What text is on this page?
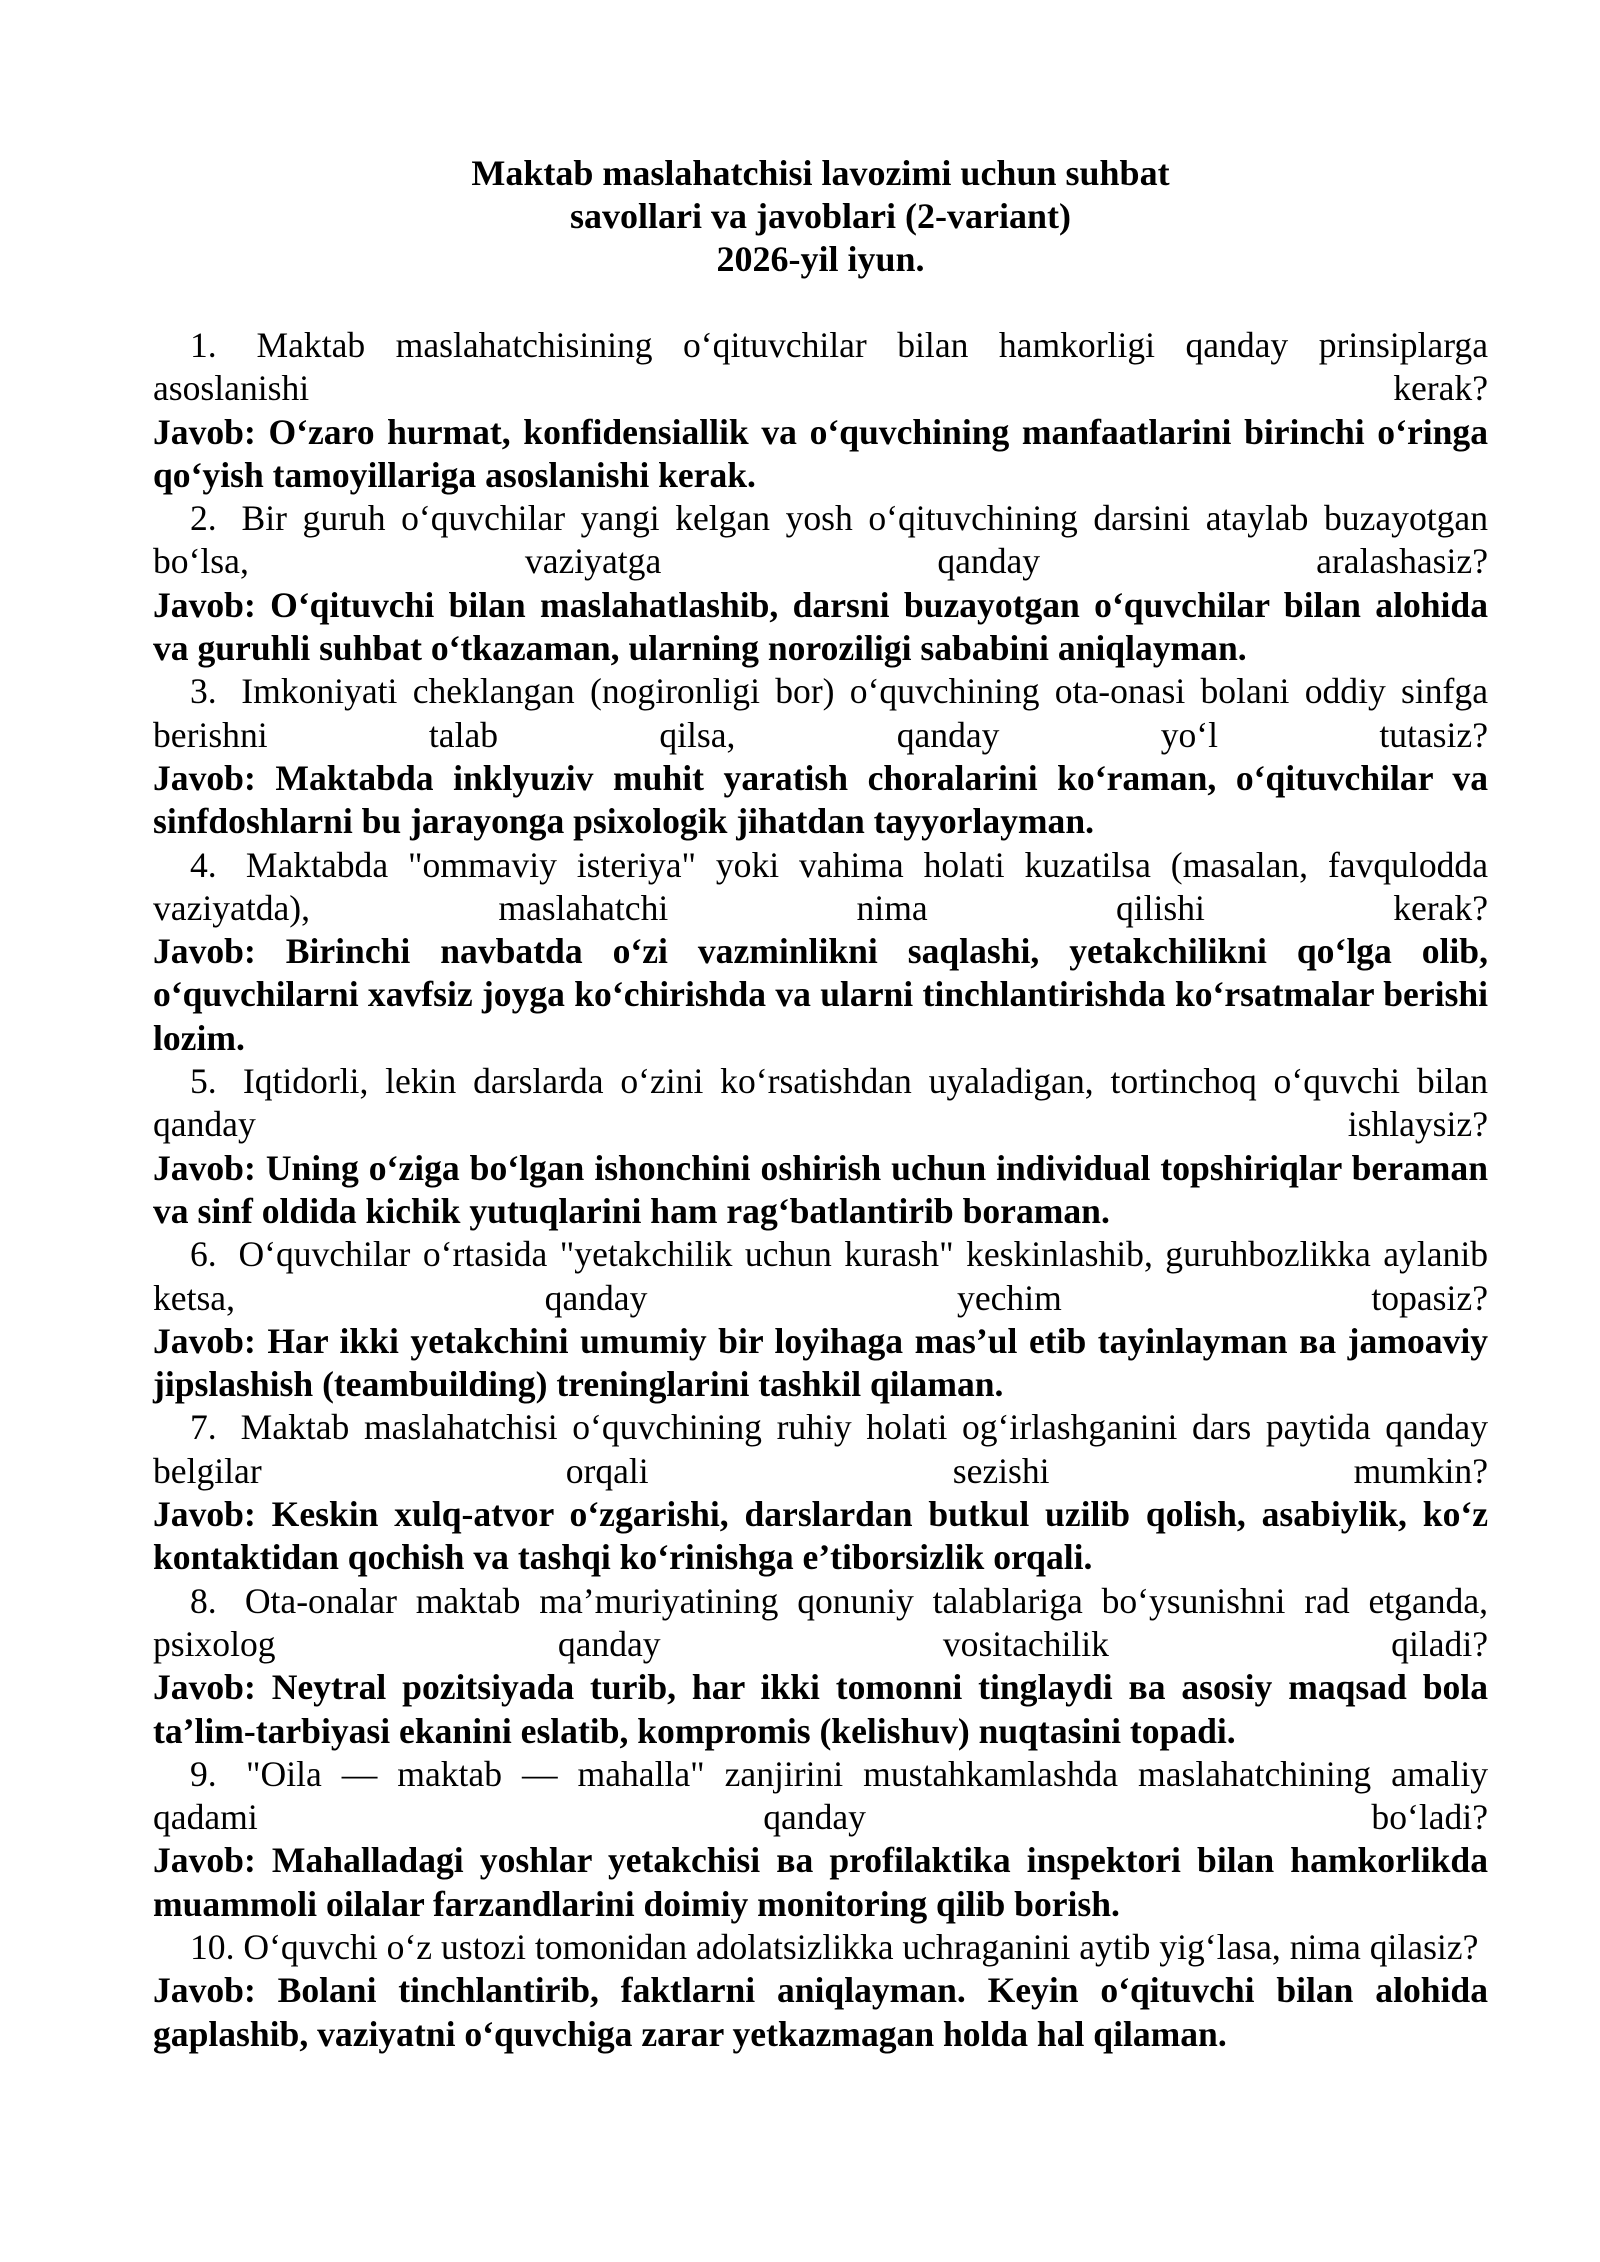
Maktab maslahatchisi lavozimi uchun suhbat
savollari va javoblari (2-variant)
2026-yil iyun.

1. Maktab maslahatchisining o‘qituvchilar bilan hamkorligi qanday prinsiplarga asoslanishi kerak?

Javob: O‘zaro hurmat, konfidensiallik va o‘quvchining manfaatlarini birinchi o‘ringa qo‘yish tamoyillariga asoslanishi kerak.

2. Bir guruh o‘quvchilar yangi kelgan yosh o‘qituvchining darsini ataylab buzayotgan bo‘lsa, vaziyatga qanday aralashasiz?

Javob: O‘qituvchi bilan maslahatlashib, darsni buzayotgan o‘quvchilar bilan alohida va guruhli suhbat o‘tkazaman, ularning noroziligi sababini aniqlayman.

3. Imkoniyati cheklangan (nogironligi bor) o‘quvchining ota-onasi bolani oddiy sinfga berishni talab qilsa, qanday yo‘l tutasiz?

Javob: Maktabda inklyuziv muhit yaratish choralarini ko‘raman, o‘qituvchilar va sinfdoshlarni bu jarayonga psixologik jihatdan tayyorlayman.

4. Maktabda "ommaviy isteriya" yoki vahima holati kuzatilsa (masalan, favqulodda vaziyatda), maslahatchi nima qilishi kerak?

Javob: Birinchi navbatda o‘zi vazminlikni saqlashi, yetakchilikni qo‘lga olib, o‘quvchilarni xavfsiz joyga ko‘chirishda va ularni tinchlantirishda ko‘rsatmalar berishi lozim.

5. Iqtidorli, lekin darslarda o‘zini ko‘rsatishdan uyaladigan, tortinchoq o‘quvchi bilan qanday ishlaysiz?

Javob: Uning o‘ziga bo‘lgan ishonchini oshirish uchun individual topshiriqlar beraman va sinf oldida kichik yutuqlarini ham rag‘batlantirib boraman.

6. O‘quvchilar o‘rtasida "yetakchilik uchun kurash" keskinlashib, guruhbozlikka aylanib ketsa, qanday yechim topasiz?

Javob: Har ikki yetakchini umumiy bir loyihaga mas’ul etib tayinlayman ва jamoaviy jipslashish (teambuilding) treninglarini tashkil qilaman.

7. Maktab maslahatchisi o‘quvchining ruhiy holati og‘irlashganini dars paytida qanday belgilar orqali sezishi mumkin?

Javob: Keskin xulq-atvor o‘zgarishi, darslardan butkul uzilib qolish, asabiylik, ko‘z kontaktidan qochish va tashqi ko‘rinishga e’tiborsizlik orqali.

8. Ota-onalar maktab ma’muriyatining qonuniy talablariga bo‘ysunishni rad etganda, psixolog qanday vositachilik qiladi?

Javob: Neytral pozitsiyada turib, har ikki tomonni tinglaydi ва asosiy maqsad bola ta’lim-tarbiyasi ekanini eslatib, kompromis (kelishuv) nuqtasini topadi.

9. "Oila — maktab — mahalla" zanjirini mustahkamlashda maslahatchining amaliy qadami qanday bo‘ladi?

Javob: Mahalladagi yoshlar yetakchisi ва profilaktika inspektori bilan hamkorlikda muammoli oilalar farzandlarini doimiy monitoring qilib borish.

10. O‘quvchi o‘z ustozi tomonidan adolatsizlikka uchraganini aytib yig‘lasa, nima qilasiz?

Javob: Bolani tinchlantirib, faktlarni aniqlayman. Keyin o‘qituvchi bilan alohida gaplashib, vaziyatni o‘quvchiga zarar yetkazmagan holda hal qilaman.
